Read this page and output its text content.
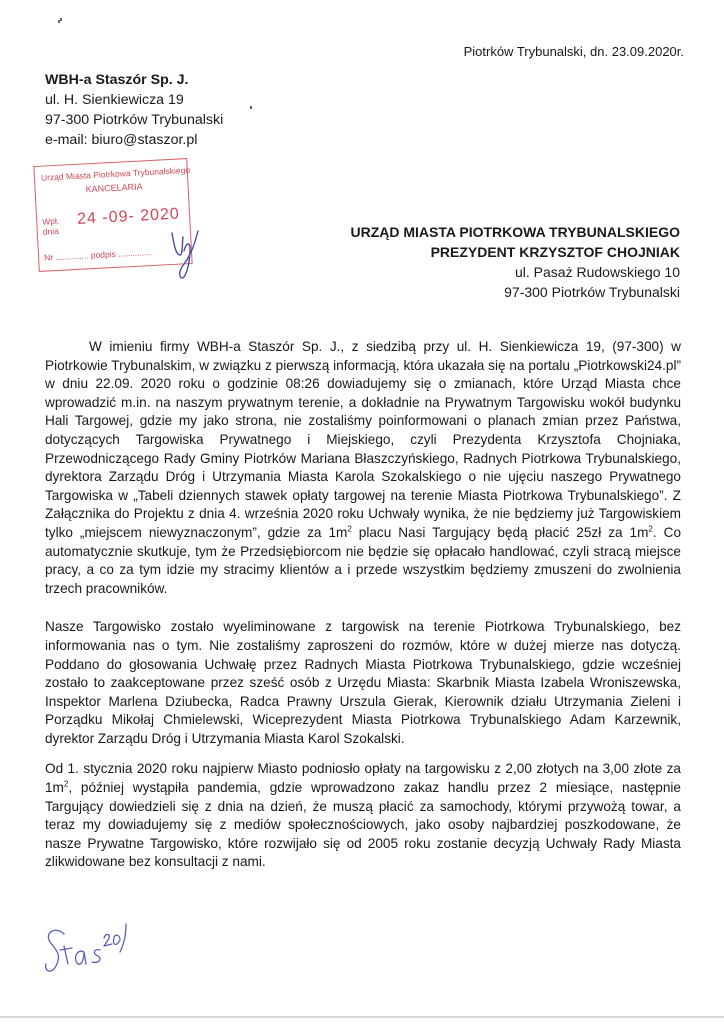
Piotrków Trybunalski, dn. 23.09.2020r.
WBH-a Staszór Sp. J.
ul. H. Sienkiewicza 19
97-300 Piotrków Trybunalski
e-mail: biuro@staszor.pl
Urząd Miasta Piotrkowa Trybunalskiego
KANCELARIA
Wpł.
dnia
24 -09- 2020
Nr .............. podpis ..............
URZĄD MIASTA PIOTRKOWA TRYBUNALSKIEGO
PREZYDENT KRZYSZTOF CHOJNIAK
ul. Pasaż Rudowskiego 10
97-300 Piotrków Trybunalski

W imieniu firmy WBH-a Staszór Sp. J., z siedzibą przy ul. H. Sienkiewicza 19, (97-300) w Piotrkowie Trybunalskim, w związku z pierwszą informacją, która ukazała się na portalu „Piotrkowski24.pl” w dniu 22.09. 2020 roku o godzinie 08:26 dowiadujemy się o zmianach, które Urząd Miasta chce wprowadzić m.in. na naszym prywatnym terenie, a dokładnie na Prywatnym Targowisku wokół budynku Hali Targowej, gdzie my jako strona, nie zostaliśmy poinformowani o planach zmian przez Państwa, dotyczących Targowiska Prywatnego i Miejskiego, czyli Prezydenta Krzysztofa Chojniaka, Przewodniczącego Rady Gminy Piotrków Mariana Błaszczyńskiego, Radnych Piotrkowa Trybunalskiego, dyrektora Zarządu Dróg i Utrzymania Miasta Karola Szokalskiego o nie ujęciu naszego Prywatnego Targowiska w „Tabeli dziennych stawek opłaty targowej na terenie Miasta Piotrkowa Trybunalskiego”. Z Załącznika do Projektu z dnia 4. września 2020 roku Uchwały wynika, że nie będziemy już Targowiskiem tylko „miejscem niewyznaczonym”, gdzie za $1m^2$ placu Nasi Targujący będą płacić 25zł za $1m^2$. Co automatycznie skutkuje, tym że Przedsiębiorcom nie będzie się opłacało handlować, czyli stracą miejsce pracy, a co za tym idzie my stracimy klientów a i przede wszystkim będziemy zmuszeni do zwolnienia trzech pracowników.

Nasze Targowisko zostało wyeliminowane z targowisk na terenie Piotrkowa Trybunalskiego, bez informowania nas o tym. Nie zostaliśmy zaproszeni do rozmów, które w dużej mierze nas dotyczą. Poddano do głosowania Uchwałę przez Radnych Miasta Piotrkowa Trybunalskiego, gdzie wcześniej zostało to zaakceptowane przez sześć osób z Urzędu Miasta: Skarbnik Miasta Izabela Wroniszewska, Inspektor Marlena Dziubecka, Radca Prawny Urszula Gierak, Kierownik działu Utrzymania Zieleni i Porządku Mikołaj Chmielewski, Wiceprezydent Miasta Piotrkowa Trybunalskiego Adam Karzewnik, dyrektor Zarządu Dróg i Utrzymania Miasta Karol Szokalski.

Od 1. stycznia 2020 roku najpierw Miasto podniosło opłaty na targowisku z 2,00 złotych na 3,00 złote za $1m^2$, później wystąpiła pandemia, gdzie wprowadzono zakaz handlu przez 2 miesiące, następnie Targujący dowiedzieli się z dnia na dzień, że muszą płacić za samochody, którymi przywożą towar, a teraz my dowiadujemy się z mediów społecznościowych, jako osoby najbardziej poszkodowane, że nasze Prywatne Targowisko, które rozwijało się od 2005 roku zostanie decyzją Uchwały Rady Miasta zlikwidowane bez konsultacji z nami.
